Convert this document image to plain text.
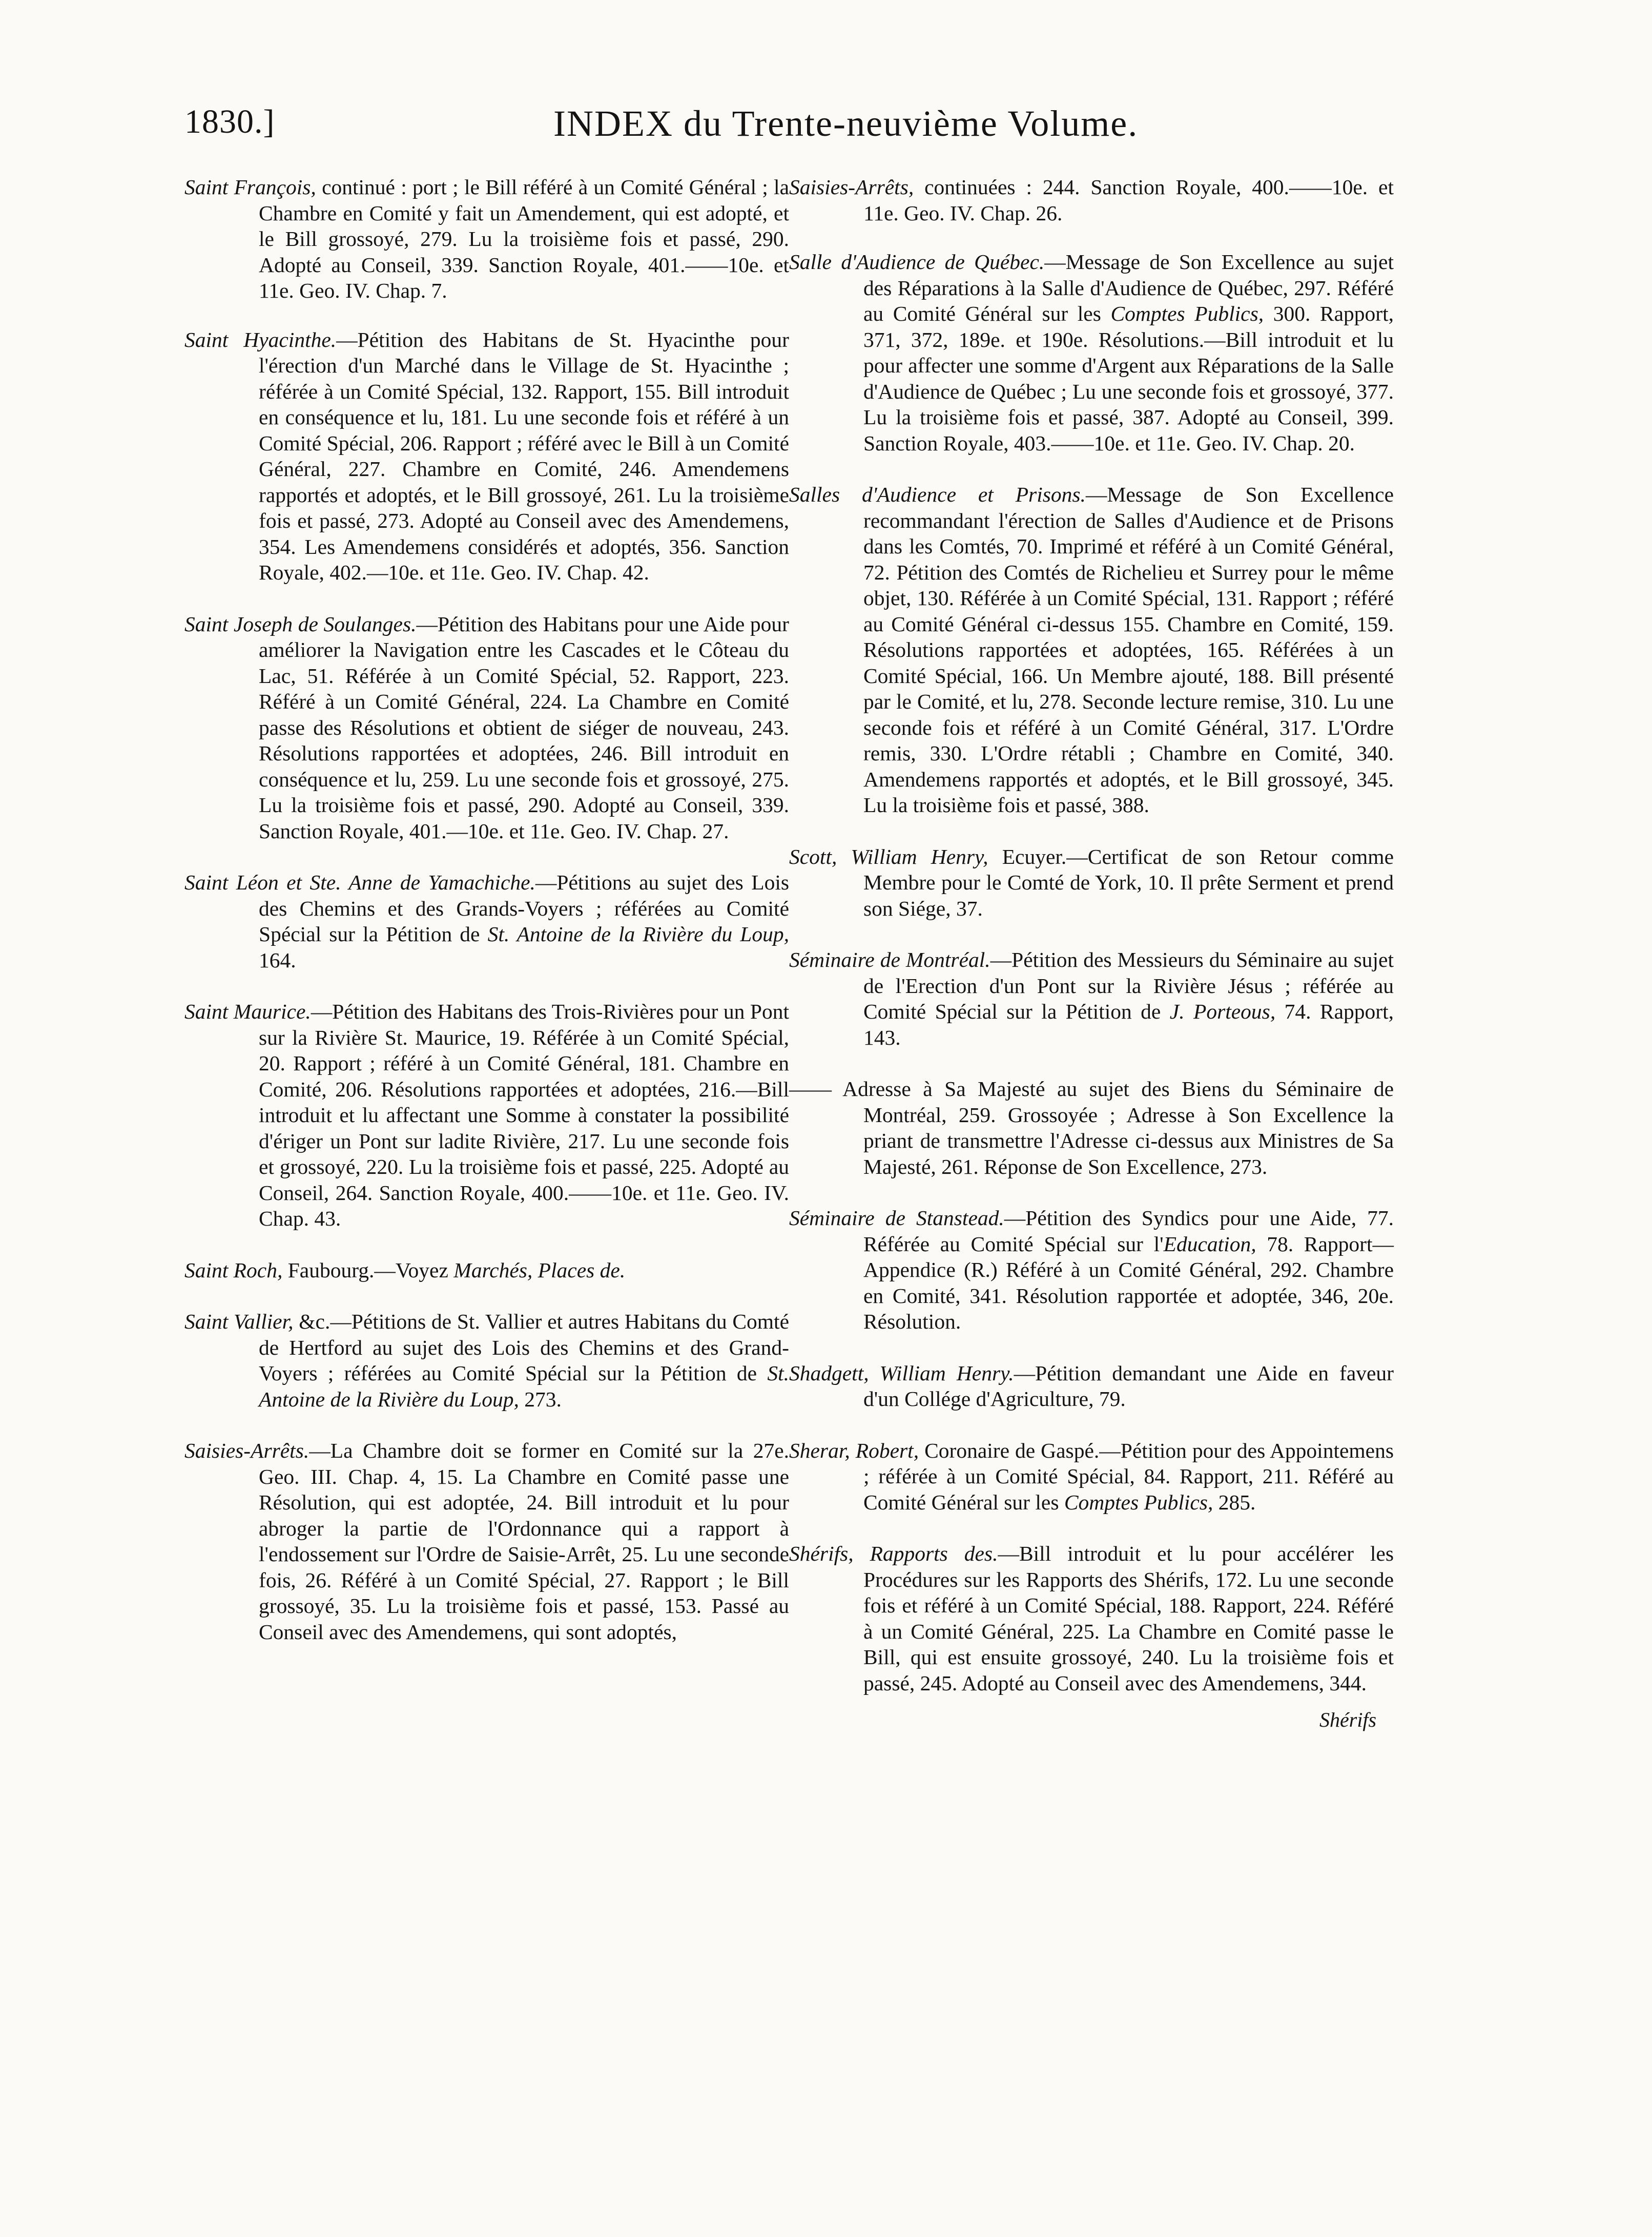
1830.]	INDEX du Trente-neuvième Volume.

Saint François, continué : port ; le Bill référé à un Comité Général ; la Chambre en Comité y fait un Amendement, qui est adopté, et le Bill grossoyé, 279. Lu la troisième fois et passé, 290. Adopté au Conseil, 339. Sanction Royale, 401.——10e. et 11e. Geo. IV. Chap. 7.

Saint Hyacinthe.—Pétition des Habitans de St. Hyacinthe pour l'érection d'un Marché dans le Village de St. Hyacinthe ; référée à un Comité Spécial, 132. Rapport, 155. Bill introduit en conséquence et lu, 181. Lu une seconde fois et référé à un Comité Spécial, 206. Rapport ; référé avec le Bill à un Comité Général, 227. Chambre en Comité, 246. Amendemens rapportés et adoptés, et le Bill grossoyé, 261. Lu la troisième fois et passé, 273. Adopté au Conseil avec des Amendemens, 354. Les Amendemens considérés et adoptés, 356. Sanction Royale, 402.—10e. et 11e. Geo. IV. Chap. 42.

Saint Joseph de Soulanges.—Pétition des Habitans pour une Aide pour améliorer la Navigation entre les Cascades et le Côteau du Lac, 51. Référée à un Comité Spécial, 52. Rapport, 223. Référé à un Comité Général, 224. La Chambre en Comité passe des Résolutions et obtient de siéger de nouveau, 243. Résolutions rapportées et adoptées, 246. Bill introduit en conséquence et lu, 259. Lu une seconde fois et grossoyé, 275. Lu la troisième fois et passé, 290. Adopté au Conseil, 339. Sanction Royale, 401.—10e. et 11e. Geo. IV. Chap. 27.

Saint Léon et Ste. Anne de Yamachiche.—Pétitions au sujet des Lois des Chemins et des Grands-Voyers ; référées au Comité Spécial sur la Pétition de St. Antoine de la Rivière du Loup, 164.

Saint Maurice.—Pétition des Habitans des Trois-Rivières pour un Pont sur la Rivière St. Maurice, 19. Référée à un Comité Spécial, 20. Rapport ; référé à un Comité Général, 181. Chambre en Comité, 206. Résolutions rapportées et adoptées, 216.—Bill introduit et lu affectant une Somme à constater la possibilité d'ériger un Pont sur ladite Rivière, 217. Lu une seconde fois et grossoyé, 220. Lu la troisième fois et passé, 225. Adopté au Conseil, 264. Sanction Royale, 400.——10e. et 11e. Geo. IV. Chap. 43.

Saint Roch, Faubourg.—Voyez Marchés, Places de.

Saint Vallier, &c.—Pétitions de St. Vallier et autres Habitans du Comté de Hertford au sujet des Lois des Chemins et des Grand-Voyers ; référées au Comité Spécial sur la Pétition de St. Antoine de la Rivière du Loup, 273.

Saisies-Arrêts.—La Chambre doit se former en Comité sur la 27e. Geo. III. Chap. 4, 15. La Chambre en Comité passe une Résolution, qui est adoptée, 24. Bill introduit et lu pour abroger la partie de l'Ordonnance qui a rapport à l'endossement sur l'Ordre de Saisie-Arrêt, 25. Lu une seconde fois, 26. Référé à un Comité Spécial, 27. Rapport ; le Bill grossoyé, 35. Lu la troisième fois et passé, 153. Passé au Conseil avec des Amendemens, qui sont adoptés,

Saisies-Arrêts, continuées : 244. Sanction Royale, 400.——10e. et 11e. Geo. IV. Chap. 26.

Salle d'Audience de Québec.—Message de Son Excellence au sujet des Réparations à la Salle d'Audience de Québec, 297. Référé au Comité Général sur les Comptes Publics, 300. Rapport, 371, 372, 189e. et 190e. Résolutions.—Bill introduit et lu pour affecter une somme d'Argent aux Réparations de la Salle d'Audience de Québec ; Lu une seconde fois et grossoyé, 377. Lu la troisième fois et passé, 387. Adopté au Conseil, 399. Sanction Royale, 403.——10e. et 11e. Geo. IV. Chap. 20.

Salles d'Audience et Prisons.—Message de Son Excellence recommandant l'érection de Salles d'Audience et de Prisons dans les Comtés, 70. Imprimé et référé à un Comité Général, 72. Pétition des Comtés de Richelieu et Surrey pour le même objet, 130. Référée à un Comité Spécial, 131. Rapport ; référé au Comité Général ci-dessus 155. Chambre en Comité, 159. Résolutions rapportées et adoptées, 165. Référées à un Comité Spécial, 166. Un Membre ajouté, 188. Bill présenté par le Comité, et lu, 278. Seconde lecture remise, 310. Lu une seconde fois et référé à un Comité Général, 317. L'Ordre remis, 330. L'Ordre rétabli ; Chambre en Comité, 340. Amendemens rapportés et adoptés, et le Bill grossoyé, 345. Lu la troisième fois et passé, 388.

Scott, William Henry, Ecuyer.—Certificat de son Retour comme Membre pour le Comté de York, 10. Il prête Serment et prend son Siége, 37.

Séminaire de Montréal.—Pétition des Messieurs du Séminaire au sujet de l'Erection d'un Pont sur la Rivière Jésus ; référée au Comité Spécial sur la Pétition de J. Porteous, 74. Rapport, 143.

—— Adresse à Sa Majesté au sujet des Biens du Séminaire de Montréal, 259. Grossoyée ; Adresse à Son Excellence la priant de transmettre l'Adresse ci-dessus aux Ministres de Sa Majesté, 261. Réponse de Son Excellence, 273.

Séminaire de Stanstead.—Pétition des Syndics pour une Aide, 77. Référée au Comité Spécial sur l'Education, 78. Rapport—Appendice (R.) Référé à un Comité Général, 292. Chambre en Comité, 341. Résolution rapportée et adoptée, 346, 20e. Résolution.

Shadgett, William Henry.—Pétition demandant une Aide en faveur d'un Collége d'Agriculture, 79.

Sherar, Robert, Coronaire de Gaspé.—Pétition pour des Appointemens ; référée à un Comité Spécial, 84. Rapport, 211. Référé au Comité Général sur les Comptes Publics, 285.

Shérifs, Rapports des.—Bill introduit et lu pour accélérer les Procédures sur les Rapports des Shérifs, 172. Lu une seconde fois et référé à un Comité Spécial, 188. Rapport, 224. Référé à un Comité Général, 225. La Chambre en Comité passe le Bill, qui est ensuite grossoyé, 240. Lu la troisième fois et passé, 245. Adopté au Conseil avec des Amendemens, 344.
Shérifs
